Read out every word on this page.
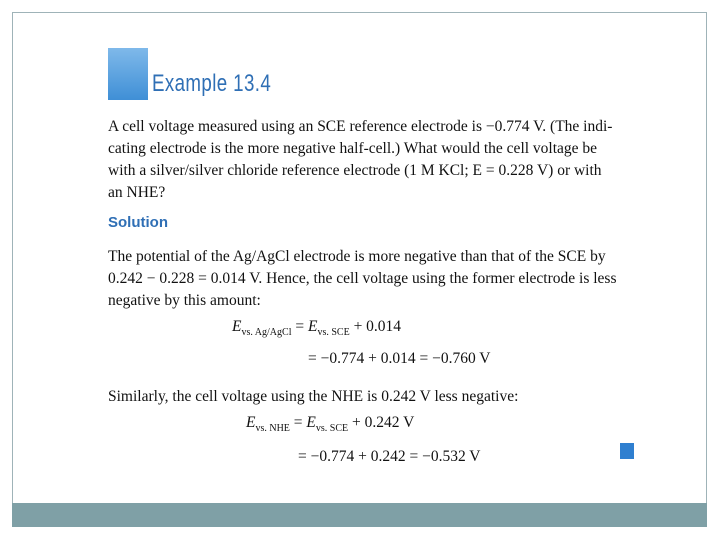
Example 13.4
A cell voltage measured using an SCE reference electrode is −0.774 V. (The indi-
cating electrode is the more negative half-cell.) What would the cell voltage be
with a silver/silver chloride reference electrode (1 M KCl; E = 0.228 V) or with
an NHE?
Solution
The potential of the Ag/AgCl electrode is more negative than that of the SCE by
0.242 − 0.228 = 0.014 V. Hence, the cell voltage using the former electrode is less
negative by this amount:
$E_{vs. Ag/AgCl} = E_{vs. SCE} + 0.014$
= −0.774 + 0.014 = −0.760 V
Similarly, the cell voltage using the NHE is 0.242 V less negative:
$E_{vs. NHE} = E_{vs. SCE} + 0.242$ V
= −0.774 + 0.242 = −0.532 V
